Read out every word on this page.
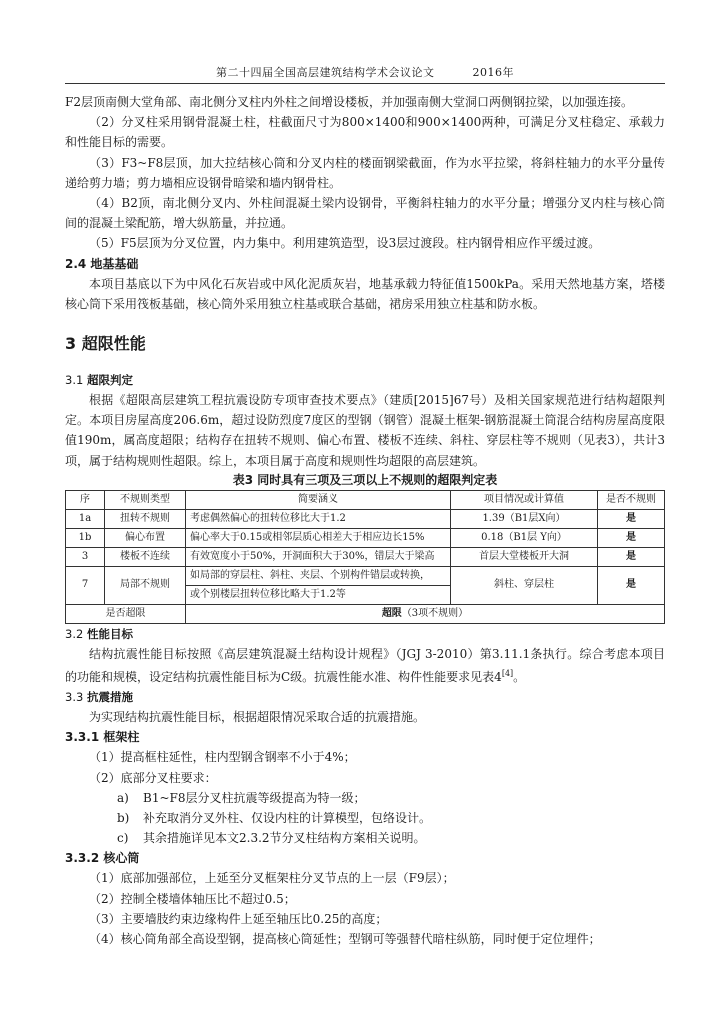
第二十四届全国高层建筑结构学术会议论文	2016年

F2层顶南侧大堂角部、南北侧分叉柱内外柱之间增设楼板，并加强南侧大堂洞口两侧钢拉梁，以加强连接。

（2）分叉柱采用钢骨混凝土柱，柱截面尺寸为800×1400和900×1400两种，可满足分叉柱稳定、承载力和性能目标的需要。

（3）F3~F8层顶，加大拉结核心筒和分叉内柱的楼面钢梁截面，作为水平拉梁，将斜柱轴力的水平分量传递给剪力墙；剪力墙相应设钢骨暗梁和墙内钢骨柱。

（4）B2顶，南北侧分叉内、外柱间混凝土梁内设钢骨，平衡斜柱轴力的水平分量；增强分叉内柱与核心筒间的混凝土梁配筋，增大纵筋量，并拉通。

（5）F5层顶为分叉位置，内力集中。利用建筑造型，设3层过渡段。柱内钢骨相应作平缓过渡。

2.4 地基基础

本项目基底以下为中风化石灰岩或中风化泥质灰岩，地基承载力特征值1500kPa。采用天然地基方案，塔楼核心筒下采用筏板基础，核心筒外采用独立柱基或联合基础，裙房采用独立柱基和防水板。

3 超限性能
3.1 超限判定

根据《超限高层建筑工程抗震设防专项审查技术要点》（建质[2015]67号）及相关国家规范进行结构超限判定。本项目房屋高度206.6m，超过设防烈度7度区的型钢（钢管）混凝土框架-钢筋混凝土筒混合结构房屋高度限值190m，属高度超限；结构存在扭转不规则、偏心布置、楼板不连续、斜柱、穿层柱等不规则（见表3），共计3项，属于结构规则性超限。综上，本项目属于高度和规则性均超限的高层建筑。

表3 同时具有三项及三项以上不规则的超限判定表
序	不规则类型	简要涵义	项目情况或计算值	是否不规则
1a	扭转不规则	考虑偶然偏心的扭转位移比大于1.2	1.39（B1层X向）	是
1b	偏心布置	偏心率大于0.15或相邻层质心相差大于相应边长15%	0.18（B1层 Y向）	是
3	楼板不连续	有效宽度小于50%，开洞面积大于30%，错层大于梁高	首层大堂楼板开大洞	是
7	局部不规则	如局部的穿层柱、斜柱、夹层、个别构件错层或转换，
或个别楼层扭转位移比略大于1.2等	斜柱、穿层柱	是
是否超限		超限（3项不规则）		
3.2 性能目标

结构抗震性能目标按照《高层建筑混凝土结构设计规程》（JGJ 3-2010）第3.11.1条执行。综合考虑本项目的功能和规模，设定结构抗震性能目标为C级。抗震性能水准、构件性能要求见表4[4]。

3.3 抗震措施

为实现结构抗震性能目标，根据超限情况采取合适的抗震措施。

3.3.1 框架柱

（1）提高框柱延性，柱内型钢含钢率不小于4%；

（2）底部分叉柱要求：

a) B1~F8层分叉柱抗震等级提高为特一级；

b) 补充取消分叉外柱、仅设内柱的计算模型，包络设计。

c) 其余措施详见本文2.3.2节分叉柱结构方案相关说明。

3.3.2 核心筒

（1）底部加强部位，上延至分叉框架柱分叉节点的上一层（F9层）；

（2）控制全楼墙体轴压比不超过0.5；

（3）主要墙肢约束边缘构件上延至轴压比0.25的高度；

（4）核心筒角部全高设型钢，提高核心筒延性；型钢可等强替代暗柱纵筋，同时便于定位埋件；
